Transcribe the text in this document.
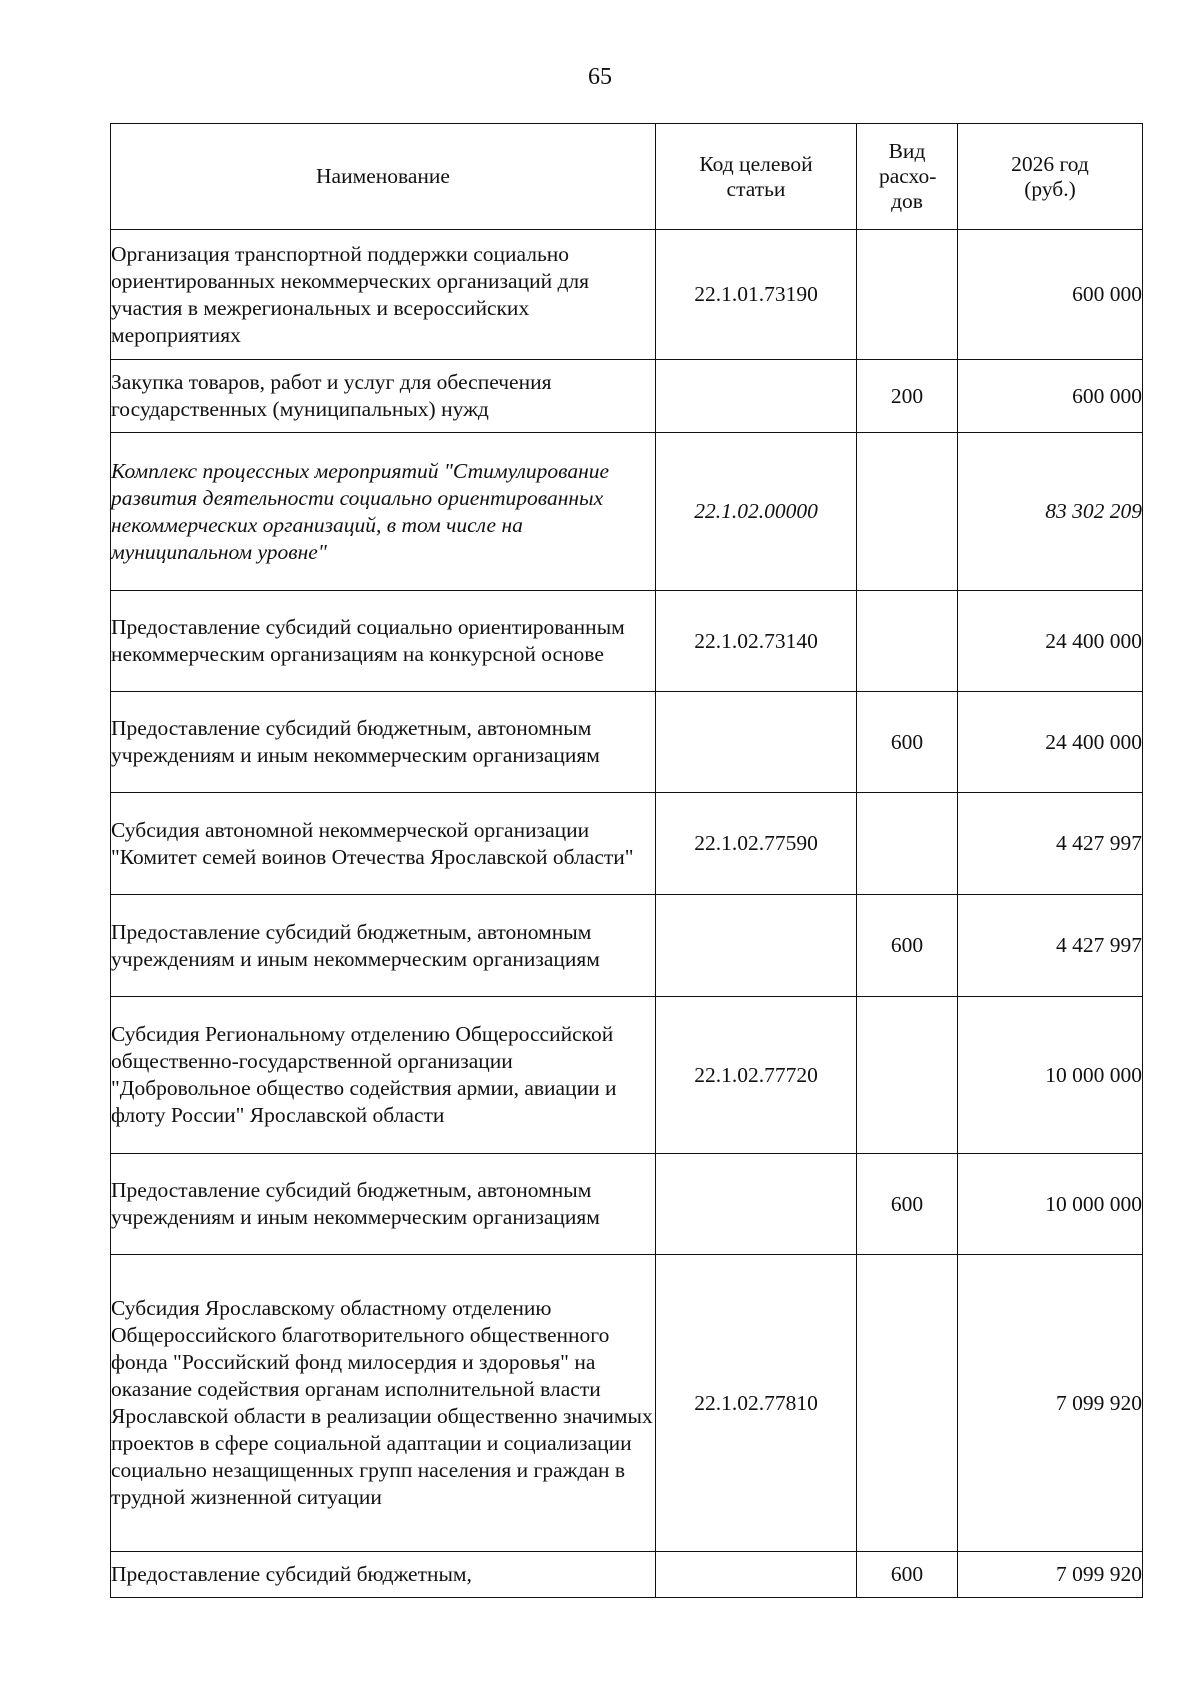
65
Наименование	Код целевой статьи	Вид расхо-дов	2026 год (руб.)
Организация транспортной поддержки социально ориентированных некоммерческих организаций для участия в межрегиональных и всероссийских мероприятиях	22.1.01.73190		600 000
Закупка товаров, работ и услуг для обеспечения государственных (муниципальных) нужд		200	600 000
Комплекс процессных мероприятий "Стимулирование развития деятельности социально ориентированных некоммерческих организаций, в том числе на муниципальном уровне"	22.1.02.00000		83 302 209
Предоставление субсидий социально ориентированным некоммерческим организациям на конкурсной основе	22.1.02.73140		24 400 000
Предоставление субсидий бюджетным, автономным учреждениям и иным некоммерческим организациям		600	24 400 000
Субсидия автономной некоммерческой организации "Комитет семей воинов Отечества Ярославской области"	22.1.02.77590		4 427 997
Предоставление субсидий бюджетным, автономным учреждениям и иным некоммерческим организациям		600	4 427 997
Субсидия Региональному отделению Общероссийской общественно-государственной организации "Добровольное общество содействия армии, авиации и флоту России" Ярославской области	22.1.02.77720		10 000 000
Предоставление субсидий бюджетным, автономным учреждениям и иным некоммерческим организациям		600	10 000 000
Субсидия Ярославскому областному отделению Общероссийского благотворительного общественного фонда "Российский фонд милосердия и здоровья" на оказание содействия органам исполнительной власти Ярославской области в реализации общественно значимых проектов в сфере социальной адаптации и социализации социально незащищенных групп населения и граждан в трудной жизненной ситуации	22.1.02.77810		7 099 920
Предоставление субсидий бюджетным,		600	7 099 920
